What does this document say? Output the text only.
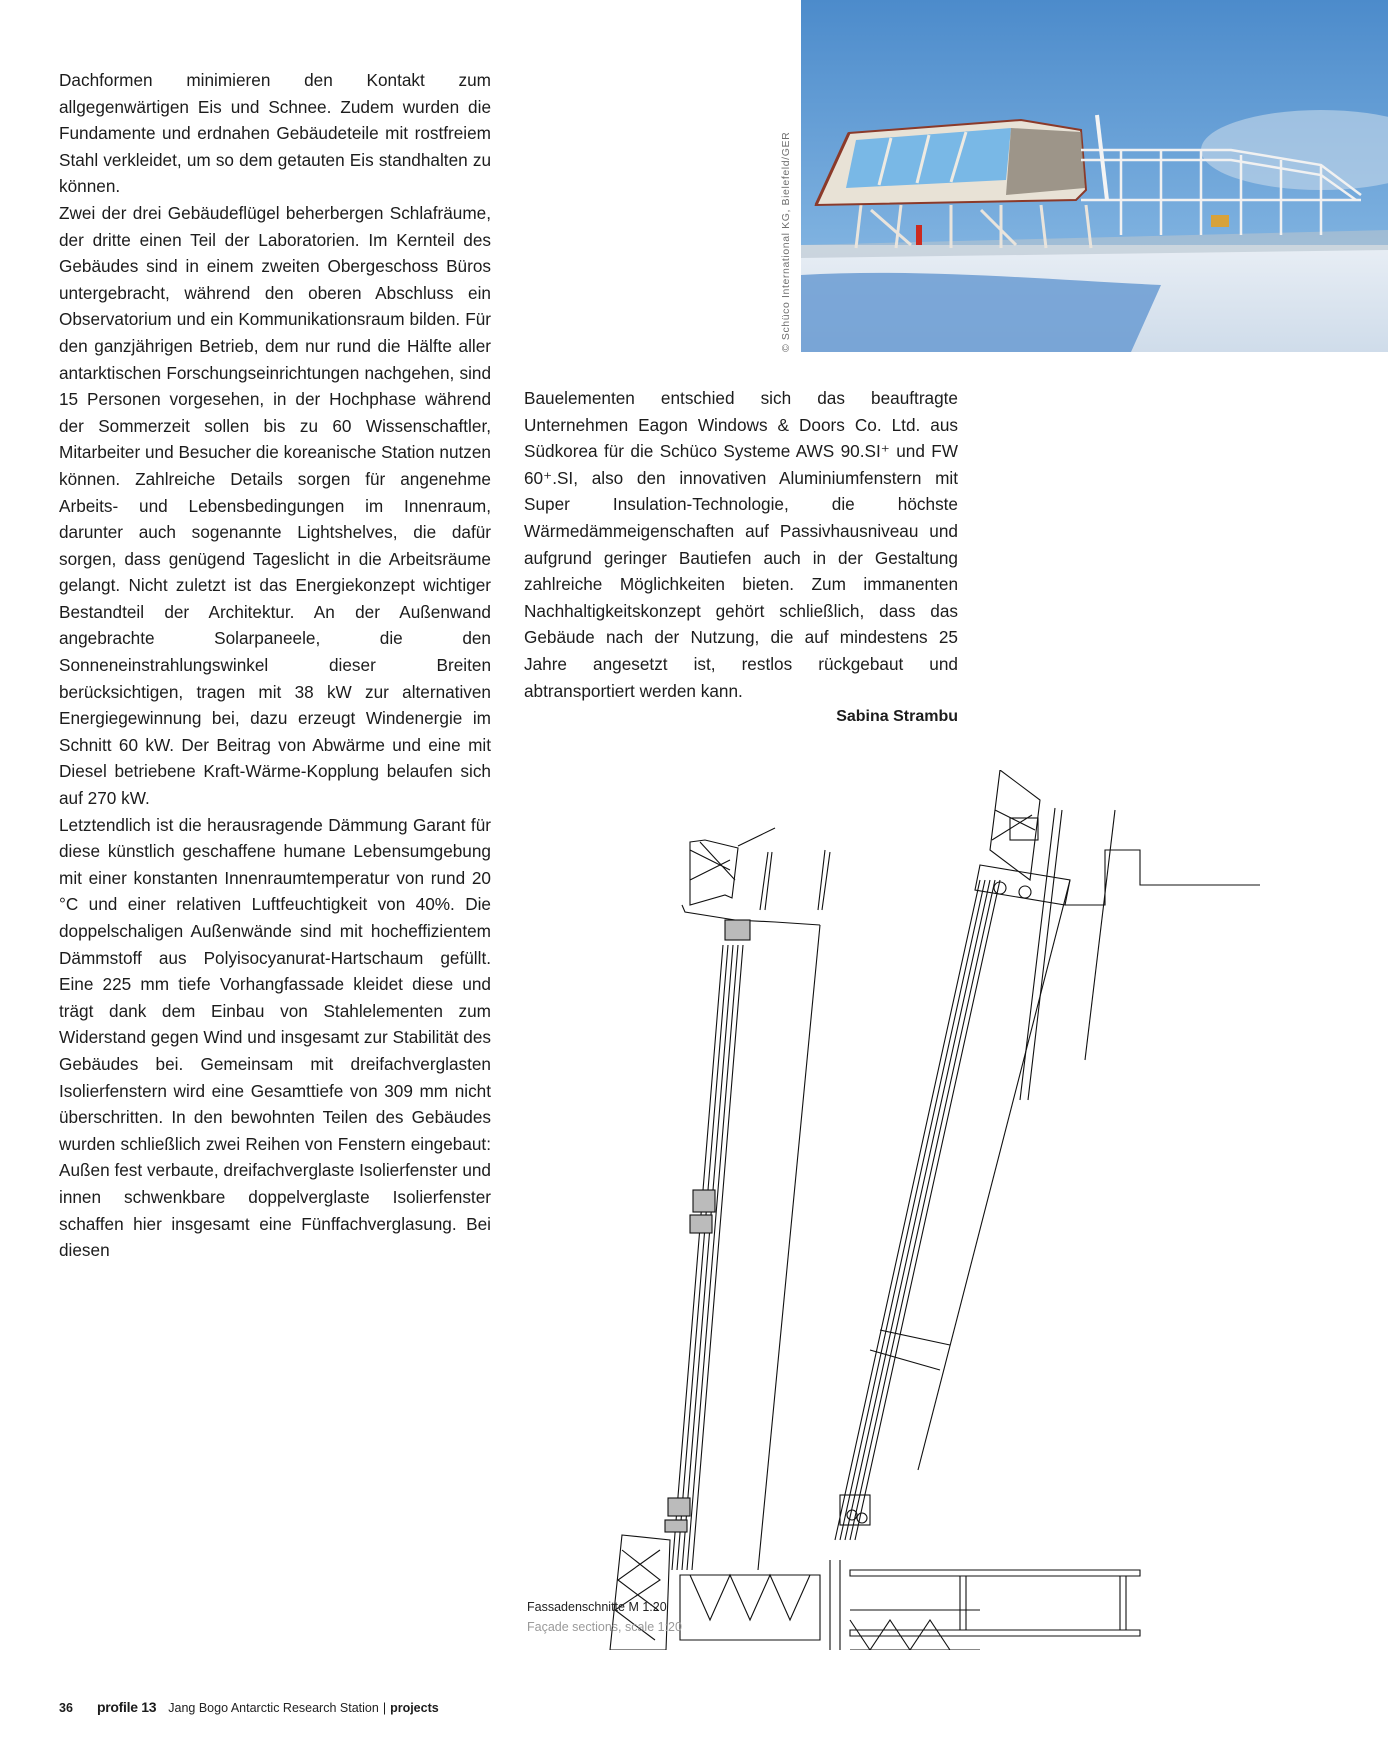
Dachformen minimieren den Kontakt zum allgegenwärtigen Eis und Schnee. Zudem wurden die Fundamente und erdnahen Gebäudeteile mit rostfreiem Stahl verkleidet, um so dem getauten Eis standhalten zu können.

Zwei der drei Gebäudeflügel beherbergen Schlafräume, der dritte einen Teil der Laboratorien. Im Kernteil des Gebäudes sind in einem zweiten Obergeschoss Büros untergebracht, während den oberen Abschluss ein Observatorium und ein Kommunikationsraum bilden. Für den ganzjährigen Betrieb, dem nur rund die Hälfte aller antarktischen Forschungseinrichtungen nachgehen, sind 15 Personen vorgesehen, in der Hochphase während der Sommerzeit sollen bis zu 60 Wissenschaftler, Mitarbeiter und Besucher die koreanische Station nutzen können. Zahlreiche Details sorgen für angenehme Arbeits- und Lebensbedingungen im Innenraum, darunter auch sogenannte Lightshelves, die dafür sorgen, dass genügend Tageslicht in die Arbeitsräume gelangt. Nicht zuletzt ist das Energiekonzept wichtiger Bestandteil der Architektur. An der Außenwand angebrachte Solarpaneele, die den Sonneneinstrahlungswinkel dieser Breiten berücksichtigen, tragen mit 38 kW zur alternativen Energiegewinnung bei, dazu erzeugt Windenergie im Schnitt 60 kW. Der Beitrag von Abwärme und eine mit Diesel betriebene Kraft-Wärme-Kopplung belaufen sich auf 270 kW.

Letztendlich ist die herausragende Dämmung Garant für diese künstlich geschaffene humane Lebensumgebung mit einer konstanten Innenraumtemperatur von rund 20 °C und einer relativen Luftfeuchtigkeit von 40%. Die doppelschaligen Außenwände sind mit hocheffizientem Dämmstoff aus Polyisocyanurat-Hartschaum gefüllt. Eine 225 mm tiefe Vorhangfassade kleidet diese und trägt dank dem Einbau von Stahlelementen zum Widerstand gegen Wind und insgesamt zur Stabilität des Gebäudes bei. Gemeinsam mit dreifachverglasten Isolierfenstern wird eine Gesamttiefe von 309 mm nicht überschritten. In den bewohnten Teilen des Gebäudes wurden schließlich zwei Reihen von Fenstern eingebaut: Außen fest verbaute, dreifachverglaste Isolierfenster und innen schwenkbare doppelverglaste Isolierfenster schaffen hier insgesamt eine Fünffachverglasung. Bei diesen

© Schüco International KG, Bielefeld/GER

Bauelementen entschied sich das beauftragte Unternehmen Eagon Windows & Doors Co. Ltd. aus Südkorea für die Schüco Systeme AWS 90.SI⁺ und FW 60⁺.SI, also den innovativen Aluminiumfenstern mit Super Insulation-Technologie, die höchste Wärmedämmeigenschaften auf Passivhausniveau und aufgrund geringer Bautiefen auch in der Gestaltung zahlreiche Möglichkeiten bieten. Zum immanenten Nachhaltigkeitskonzept gehört schließlich, dass das Gebäude nach der Nutzung, die auf mindestens 25 Jahre angesetzt ist, restlos rückgebaut und abtransportiert werden kann.

Sabina Strambu

Fassadenschnitte M 1:20
Façade sections, scale 1:20
36	profile 13 Jang Bogo Antarctic Research Station | projects
